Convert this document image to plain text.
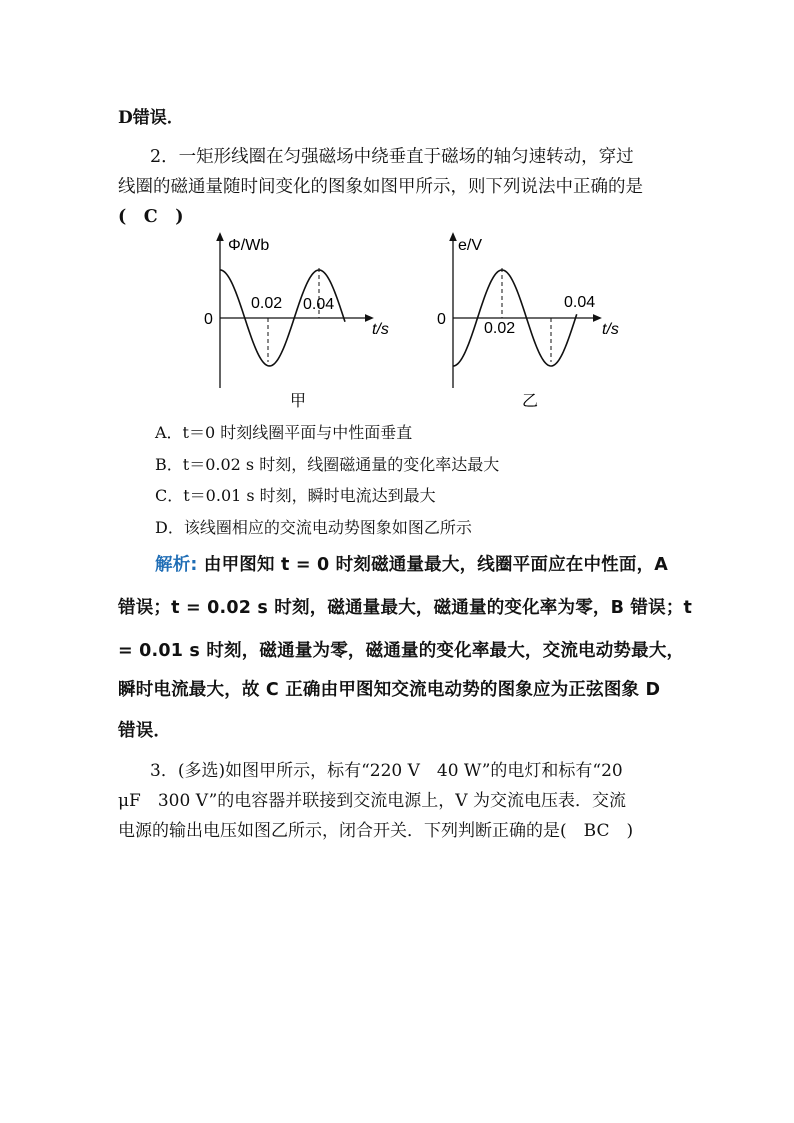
D错误．
2．一矩形线圈在匀强磁场中绕垂直于磁场的轴匀速转动，穿过
线圈的磁通量随时间变化的图象如图甲所示，则下列说法中正确的是
(　C　)
Φ/Wb
0
0.02 0.04
t/s
甲
e/V
0
0.02
0.04
t/s
乙
A．t＝0 时刻线圈平面与中性面垂直
B．t＝0.02 s 时刻，线圈磁通量的变化率达最大
C．t＝0.01 s 时刻，瞬时电流达到最大
D．该线圈相应的交流电动势图象如图乙所示
解析: 由甲图知 t = 0 时刻磁通量最大，线圈平面应在中性面，A
错误；t = 0.02 s 时刻，磁通量最大，磁通量的变化率为零，B 错误；t
= 0.01 s 时刻，磁通量为零，磁通量的变化率最大，交流电动势最大，
瞬时电流最大，故 C 正确由甲图知交流电动势的图象应为正弦图象 D
错误．
3．(多选)如图甲所示，标有“220 V　40 W”的电灯和标有“20
μF　300 V”的电容器并联接到交流电源上，V 为交流电压表．交流
电源的输出电压如图乙所示，闭合开关．下列判断正确的是(　BC　)
